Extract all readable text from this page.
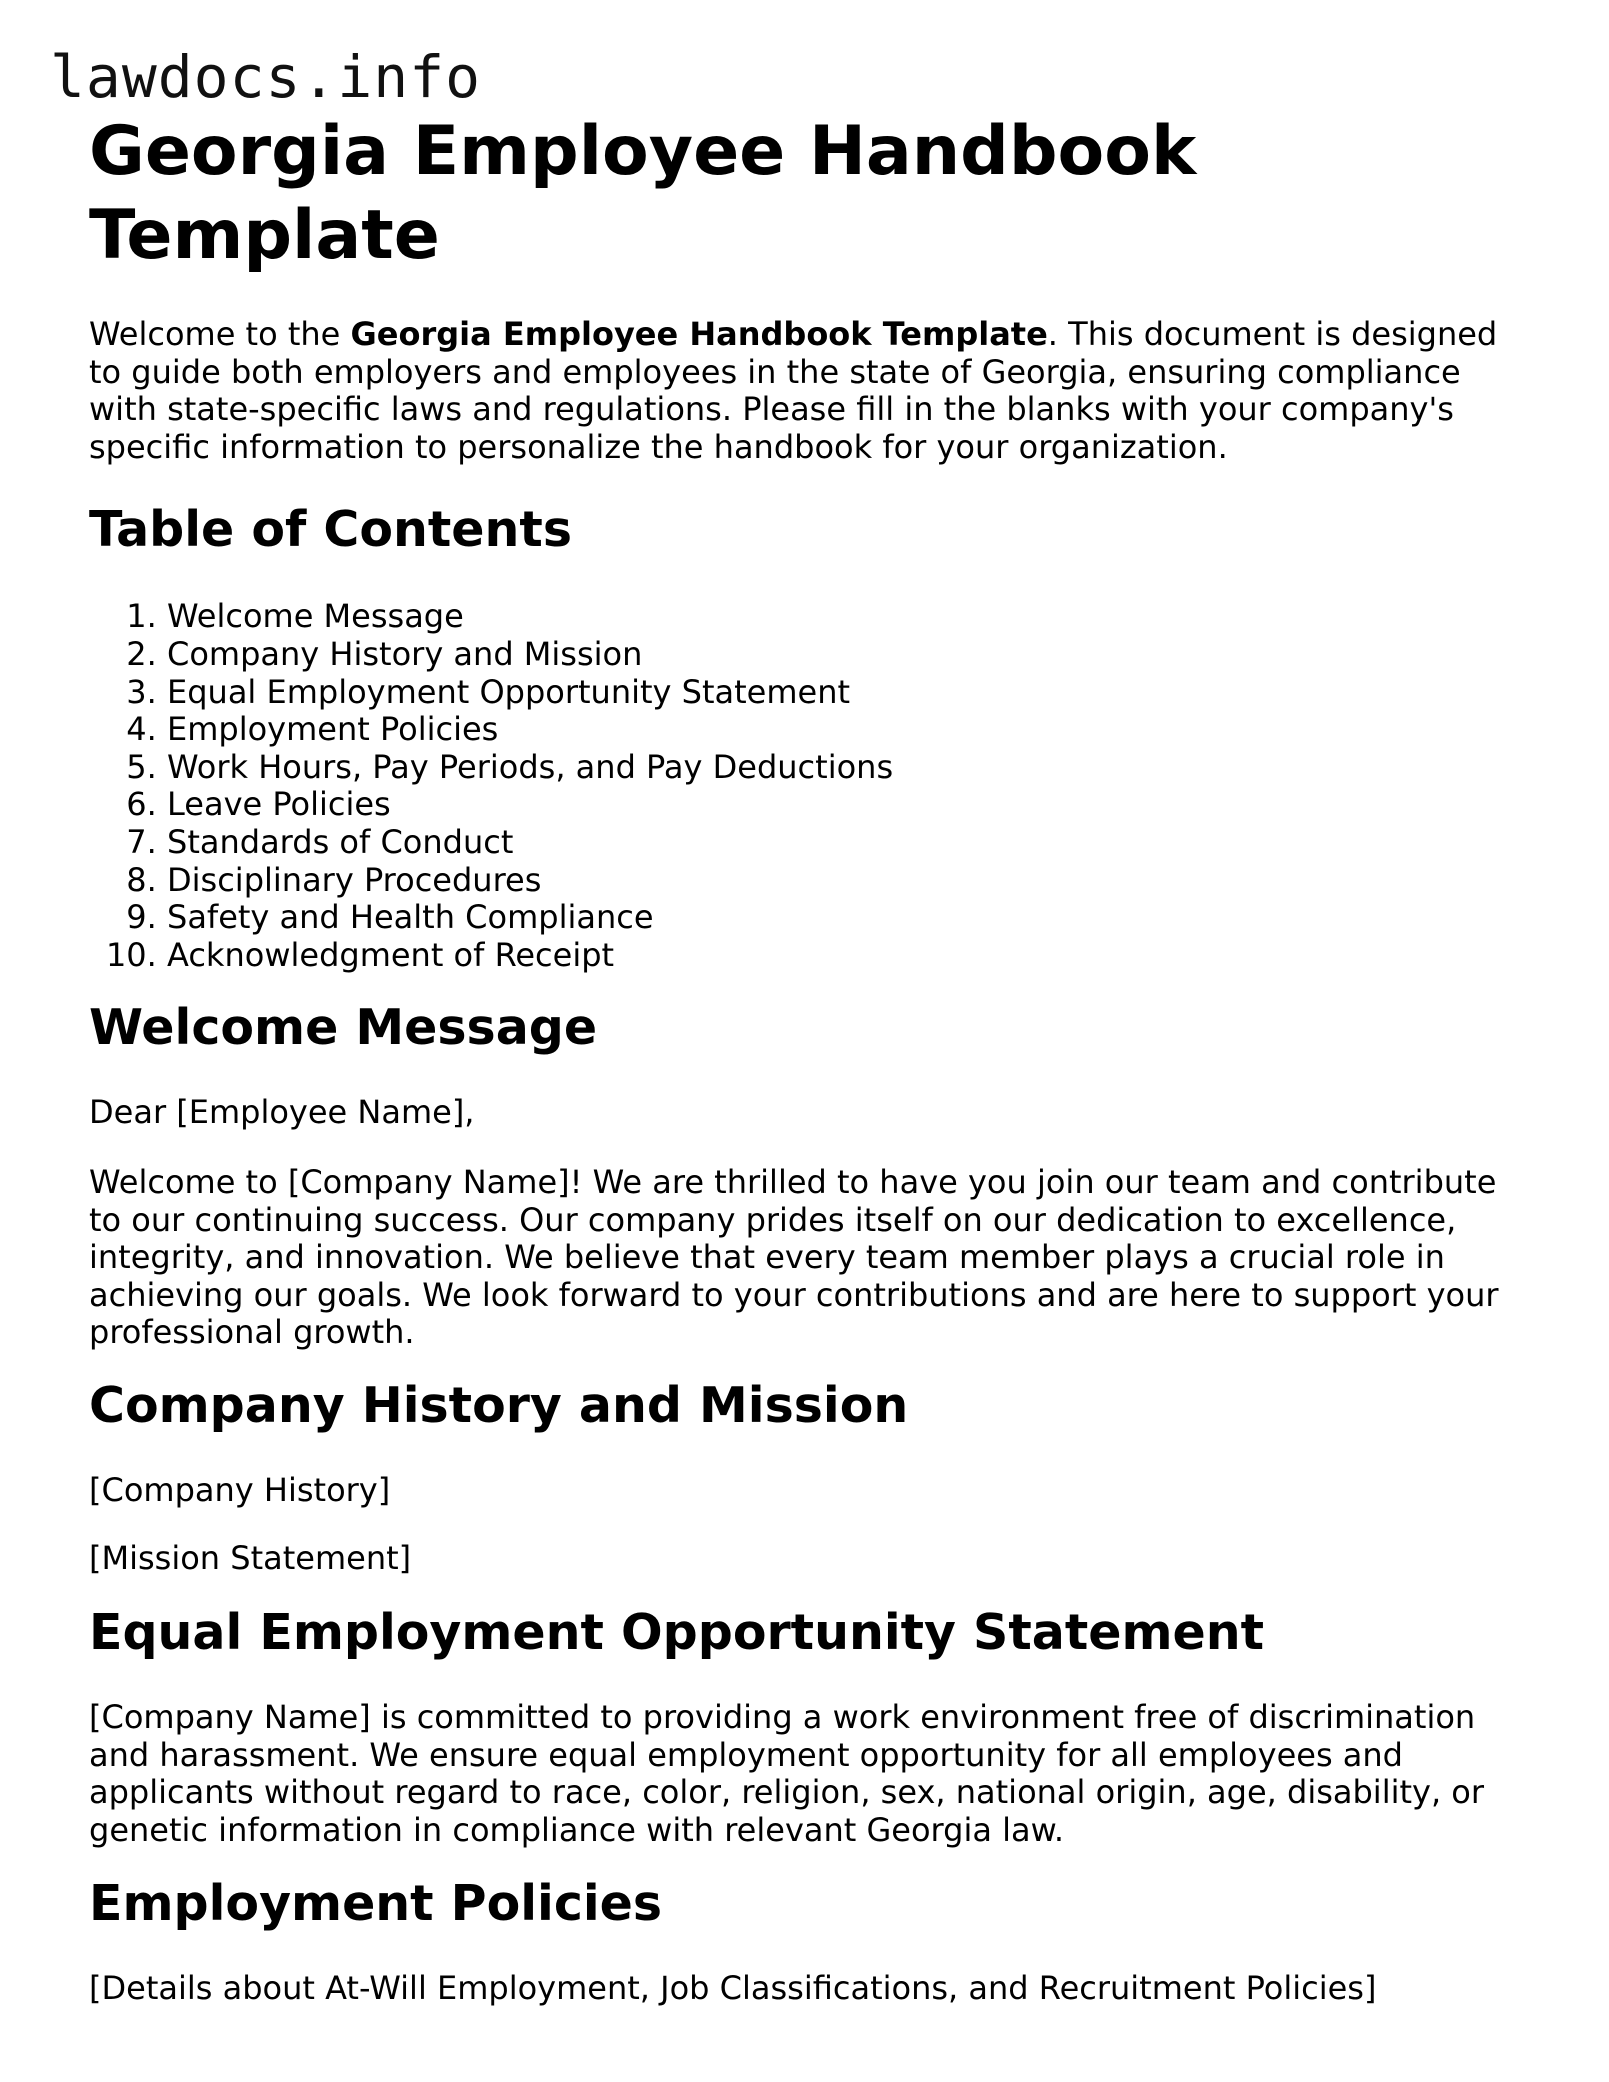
lawdocs.info
Georgia Employee Handbook Template

Welcome to the Georgia Employee Handbook Template. This document is designed to guide both employers and employees in the state of Georgia, ensuring compliance with state-specific laws and regulations. Please fill in the blanks with your company's specific information to personalize the handbook for your organization.

Table of Contents
1. Welcome Message
2. Company History and Mission
3. Equal Employment Opportunity Statement
4. Employment Policies
5. Work Hours, Pay Periods, and Pay Deductions
6. Leave Policies
7. Standards of Conduct
8. Disciplinary Procedures
9. Safety and Health Compliance
10. Acknowledgment of Receipt
Welcome Message

Dear [Employee Name],

Welcome to [Company Name]! We are thrilled to have you join our team and contribute to our continuing success. Our company prides itself on our dedication to excellence, integrity, and innovation. We believe that every team member plays a crucial role in achieving our goals. We look forward to your contributions and are here to support your professional growth.

Company History and Mission

[Company History]

[Mission Statement]

Equal Employment Opportunity Statement

[Company Name] is committed to providing a work environment free of discrimination and harassment. We ensure equal employment opportunity for all employees and applicants without regard to race, color, religion, sex, national origin, age, disability, or genetic information in compliance with relevant Georgia law.

Employment Policies

[Details about At-Will Employment, Job Classifications, and Recruitment Policies]
